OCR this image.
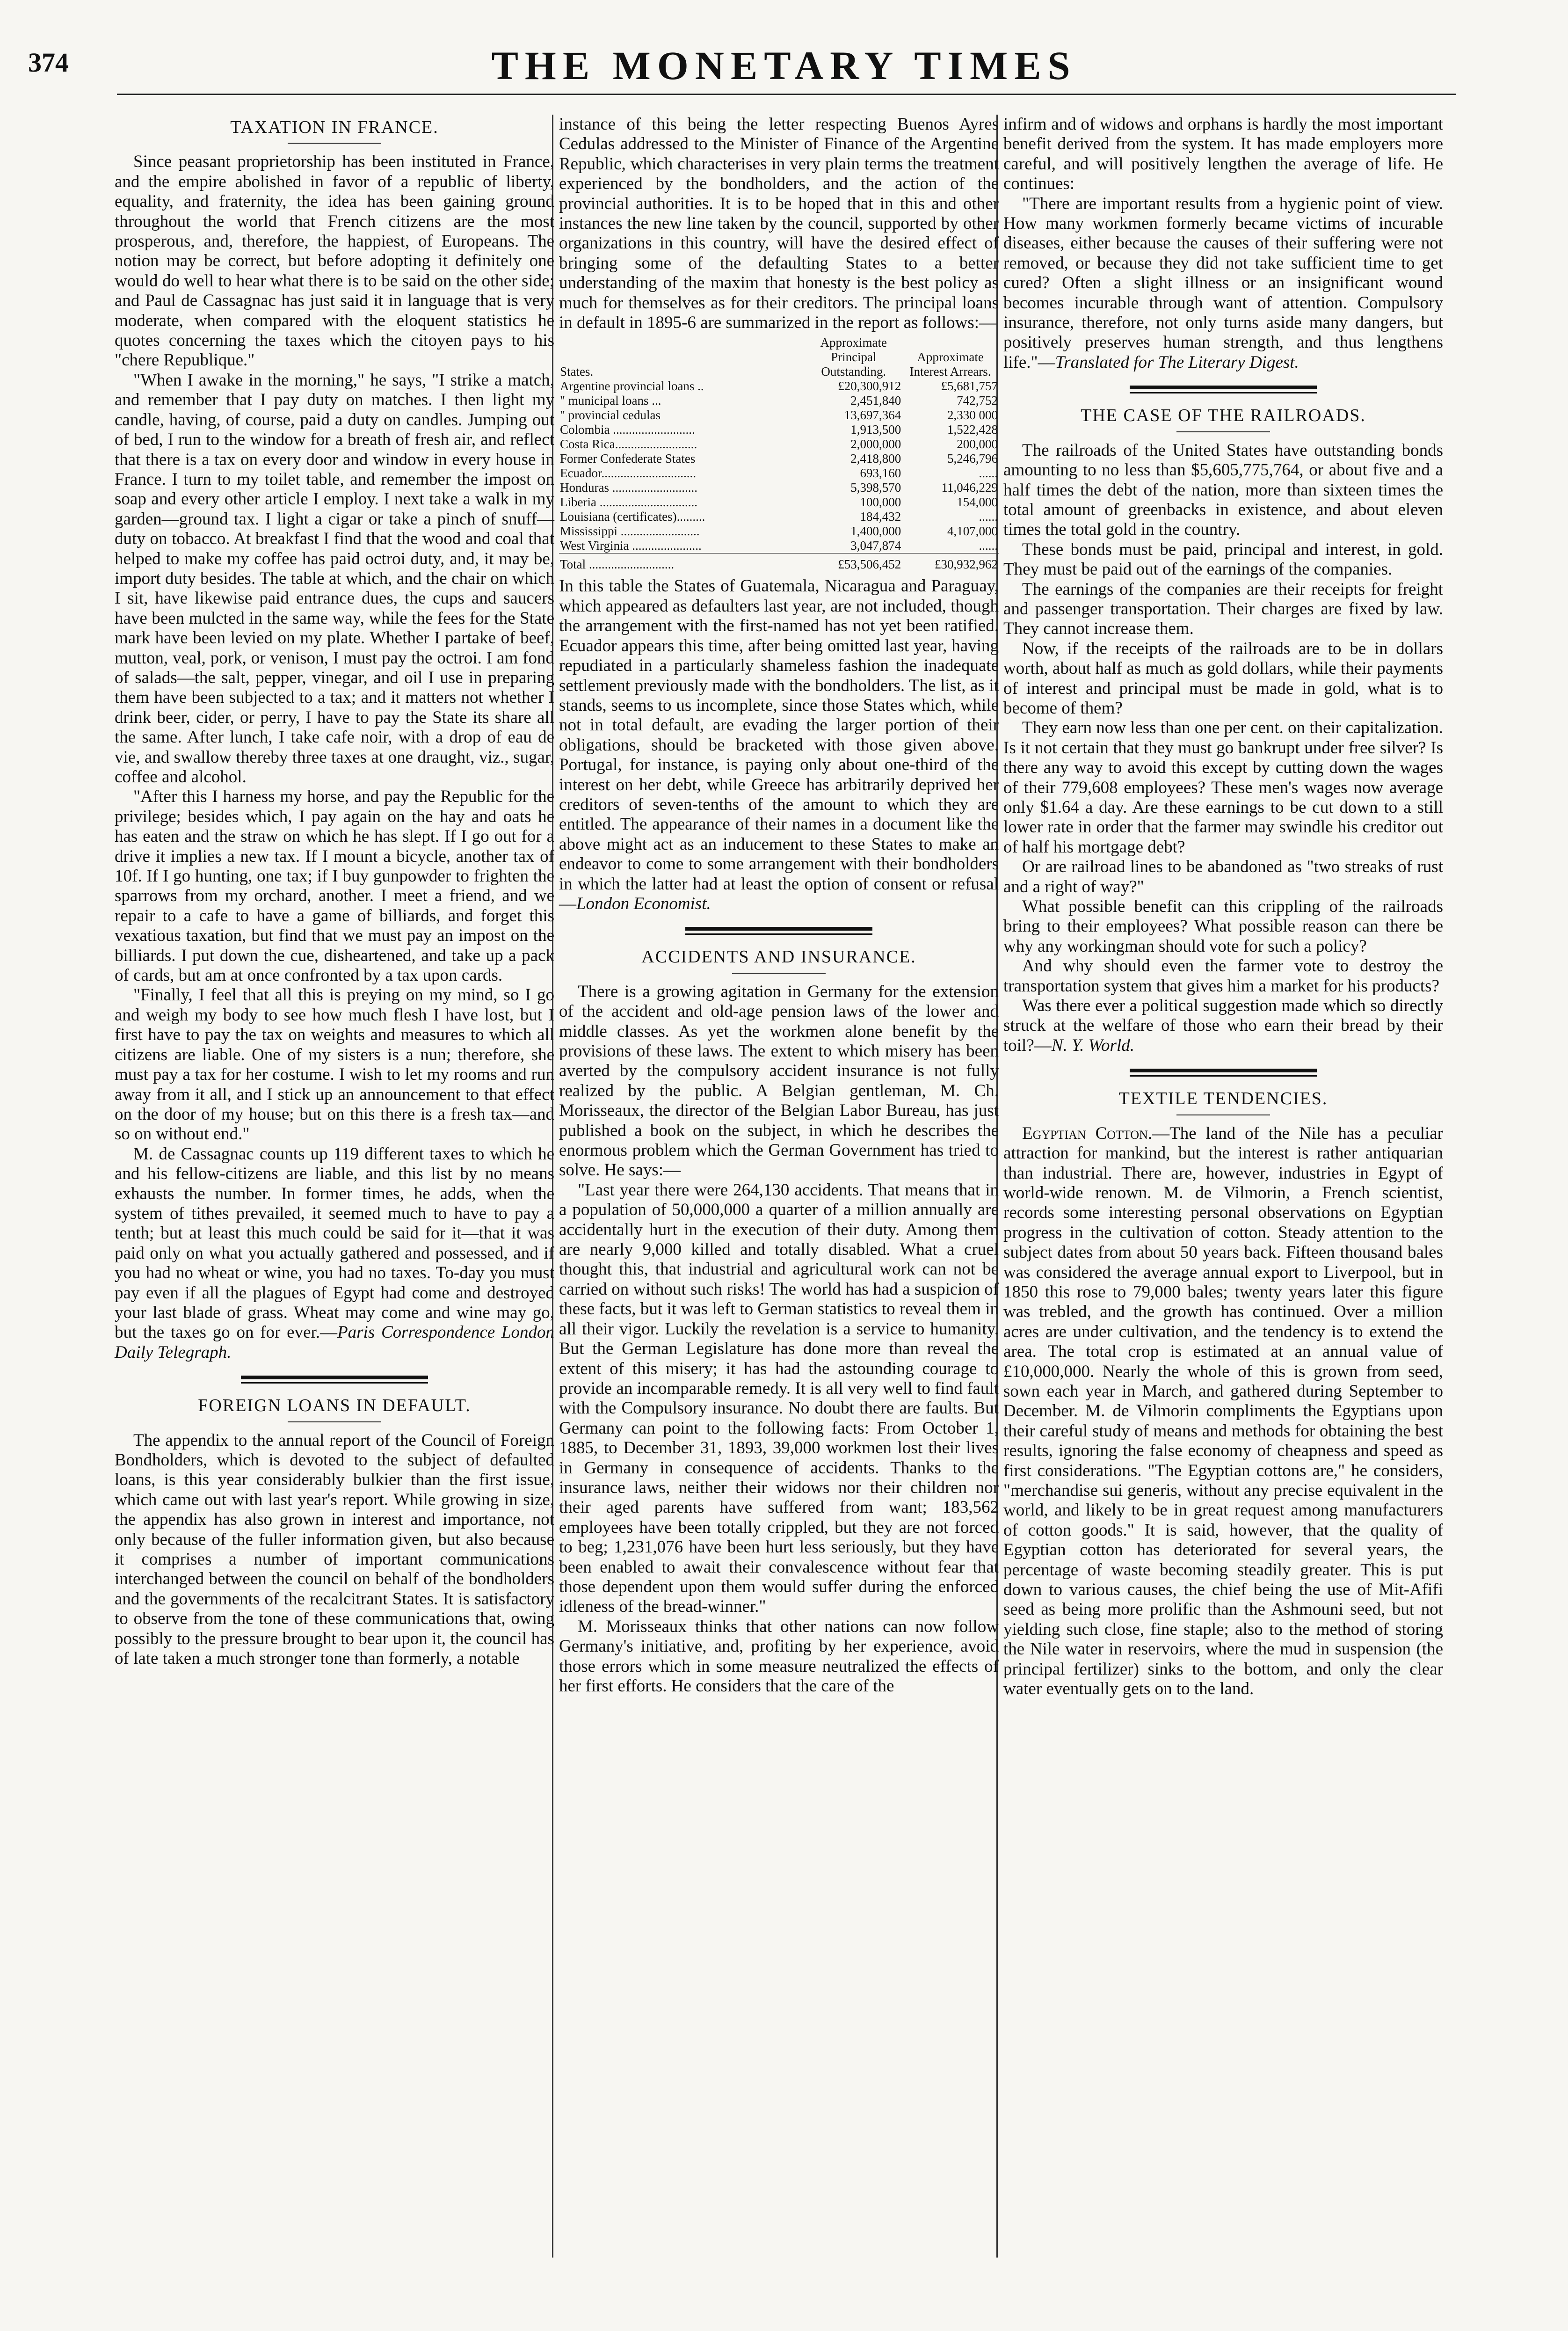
374	THE MONETARY TIMES
TAXATION IN FRANCE.

Since peasant proprietorship has been instituted in France, and the empire abolished in favor of a republic of liberty, equality, and fraternity, the idea has been gaining ground throughout the world that French citizens are the most prosperous, and, therefore, the happiest, of Europeans. The notion may be correct, but before adopting it definitely one would do well to hear what there is to be said on the other side; and Paul de Cassagnac has just said it in language that is very moderate, when compared with the eloquent statistics he quotes concerning the taxes which the citoyen pays to his "chere Republique."

"When I awake in the morning," he says, "I strike a match, and remember that I pay duty on matches. I then light my candle, having, of course, paid a duty on candles. Jumping out of bed, I run to the window for a breath of fresh air, and reflect that there is a tax on every door and window in every house in France. I turn to my toilet table, and remember the impost on soap and every other article I employ. I next take a walk in my garden—ground tax. I light a cigar or take a pinch of snuff—duty on tobacco. At breakfast I find that the wood and coal that helped to make my coffee has paid octroi duty, and, it may be, import duty besides. The table at which, and the chair on which I sit, have likewise paid entrance dues, the cups and saucers have been mulcted in the same way, while the fees for the State mark have been levied on my plate. Whether I partake of beef, mutton, veal, pork, or venison, I must pay the octroi. I am fond of salads—the salt, pepper, vinegar, and oil I use in preparing them have been subjected to a tax; and it matters not whether I drink beer, cider, or perry, I have to pay the State its share all the same. After lunch, I take cafe noir, with a drop of eau de vie, and swallow thereby three taxes at one draught, viz., sugar, coffee and alcohol.

"After this I harness my horse, and pay the Republic for the privilege; besides which, I pay again on the hay and oats he has eaten and the straw on which he has slept. If I go out for a drive it implies a new tax. If I mount a bicycle, another tax of 10f. If I go hunting, one tax; if I buy gunpowder to frighten the sparrows from my orchard, another. I meet a friend, and we repair to a cafe to have a game of billiards, and forget this vexatious taxation, but find that we must pay an impost on the billiards. I put down the cue, disheartened, and take up a pack of cards, but am at once confronted by a tax upon cards.

"Finally, I feel that all this is preying on my mind, so I go and weigh my body to see how much flesh I have lost, but I first have to pay the tax on weights and measures to which all citizens are liable. One of my sisters is a nun; therefore, she must pay a tax for her costume. I wish to let my rooms and run away from it all, and I stick up an announcement to that effect on the door of my house; but on this there is a fresh tax—and so on without end."

M. de Cassagnac counts up 119 different taxes to which he and his fellow-citizens are liable, and this list by no means exhausts the number. In former times, he adds, when the system of tithes prevailed, it seemed much to have to pay a tenth; but at least this much could be said for it—that it was paid only on what you actually gathered and possessed, and if you had no wheat or wine, you had no taxes. To-day you must pay even if all the plagues of Egypt had come and destroyed your last blade of grass. Wheat may come and wine may go, but the taxes go on for ever.—Paris Correspondence London Daily Telegraph.

FOREIGN LOANS IN DEFAULT.

The appendix to the annual report of the Council of Foreign Bondholders, which is devoted to the subject of defaulted loans, is this year considerably bulkier than the first issue, which came out with last year's report. While growing in size, the appendix has also grown in interest and importance, not only because of the fuller information given, but also because it comprises a number of important communications interchanged between the council on behalf of the bondholders and the governments of the recalcitrant States. It is satisfactory to observe from the tone of these communications that, owing possibly to the pressure brought to bear upon it, the council has of late taken a much stronger tone than formerly, a notable

instance of this being the letter respecting Buenos Ayres Cedulas addressed to the Minister of Finance of the Argentine Republic, which characterises in very plain terms the treatment experienced by the bondholders, and the action of the provincial authorities. It is to be hoped that in this and other instances the new line taken by the council, supported by other organizations in this country, will have the desired effect of bringing some of the defaulting States to a better understanding of the maxim that honesty is the best policy as much for themselves as for their creditors. The principal loans in default in 1895-6 are summarized in the report as follows:—

States.	Approximate Principal Outstanding.	Approximate Interest Arrears.
Argentine provincial loans ..	£20,300,912	£5,681,757
" municipal loans ...	2,451,840	742,752
" provincial cedulas	13,697,364	2,330 000
Colombia ..........................	1,913,500	1,522,428
Costa Rica..........................	2,000,000	200,000
Former Confederate States	2,418,800	5,246,796
Ecuador..............................	693,160	......
Honduras ...........................	5,398,570	11,046,229
Liberia ...............................	100,000	154,000
Louisiana (certificates).........	184,432	......
Mississippi .........................	1,400,000	4,107,000
West Virginia ......................	3,047,874	......
Total ...........................	£53,506,452	£30,932,962

In this table the States of Guatemala, Nicaragua and Paraguay, which appeared as defaulters last year, are not included, though the arrangement with the first-named has not yet been ratified. Ecuador appears this time, after being omitted last year, having repudiated in a particularly shameless fashion the inadequate settlement previously made with the bondholders. The list, as it stands, seems to us incomplete, since those States which, while not in total default, are evading the larger portion of their obligations, should be bracketed with those given above. Portugal, for instance, is paying only about one-third of the interest on her debt, while Greece has arbitrarily deprived her creditors of seven-tenths of the amount to which they are entitled. The appearance of their names in a document like the above might act as an inducement to these States to make an endeavor to come to some arrangement with their bondholders in which the latter had at least the option of consent or refusal —London Economist.

ACCIDENTS AND INSURANCE.

There is a growing agitation in Germany for the extension of the accident and old-age pension laws of the lower and middle classes. As yet the workmen alone benefit by the provisions of these laws. The extent to which misery has been averted by the compulsory accident insurance is not fully realized by the public. A Belgian gentleman, M. Ch. Morisseaux, the director of the Belgian Labor Bureau, has just published a book on the subject, in which he describes the enormous problem which the German Government has tried to solve. He says:—

"Last year there were 264,130 accidents. That means that in a population of 50,000,000 a quarter of a million annually are accidentally hurt in the execution of their duty. Among them are nearly 9,000 killed and totally disabled. What a cruel thought this, that industrial and agricultural work can not be carried on without such risks! The world has had a suspicion of these facts, but it was left to German statistics to reveal them in all their vigor. Luckily the revelation is a service to humanity. But the German Legislature has done more than reveal the extent of this misery; it has had the astounding courage to provide an incomparable remedy. It is all very well to find fault with the Compulsory insurance. No doubt there are faults. But Germany can point to the following facts: From October 1, 1885, to December 31, 1893, 39,000 workmen lost their lives in Germany in consequence of accidents. Thanks to the insurance laws, neither their widows nor their children nor their aged parents have suffered from want; 183,562 employees have been totally crippled, but they are not forced to beg; 1,231,076 have been hurt less seriously, but they have been enabled to await their convalescence without fear that those dependent upon them would suffer during the enforced idleness of the bread-winner."

M. Morisseaux thinks that other nations can now follow Germany's initiative, and, profiting by her experience, avoid those errors which in some measure neutralized the effects of her first efforts. He considers that the care of the

infirm and of widows and orphans is hardly the most important benefit derived from the system. It has made employers more careful, and will positively lengthen the average of life. He continues:

"There are important results from a hygienic point of view. How many workmen formerly became victims of incurable diseases, either because the causes of their suffering were not removed, or because they did not take sufficient time to get cured? Often a slight illness or an insignificant wound becomes incurable through want of attention. Compulsory insurance, therefore, not only turns aside many dangers, but positively preserves human strength, and thus lengthens life."—Translated for The Literary Digest.

THE CASE OF THE RAILROADS.

The railroads of the United States have outstanding bonds amounting to no less than $5,605,775,764, or about five and a half times the debt of the nation, more than sixteen times the total amount of greenbacks in existence, and about eleven times the total gold in the country.

These bonds must be paid, principal and interest, in gold. They must be paid out of the earnings of the companies.

The earnings of the companies are their receipts for freight and passenger transportation. Their charges are fixed by law. They cannot increase them.

Now, if the receipts of the railroads are to be in dollars worth, about half as much as gold dollars, while their payments of interest and principal must be made in gold, what is to become of them?

They earn now less than one per cent. on their capitalization. Is it not certain that they must go bankrupt under free silver? Is there any way to avoid this except by cutting down the wages of their 779,608 employees? These men's wages now average only $1.64 a day. Are these earnings to be cut down to a still lower rate in order that the farmer may swindle his creditor out of half his mortgage debt?

Or are railroad lines to be abandoned as "two streaks of rust and a right of way?"

What possible benefit can this crippling of the railroads bring to their employees? What possible reason can there be why any workingman should vote for such a policy?

And why should even the farmer vote to destroy the transportation system that gives him a market for his products?

Was there ever a political suggestion made which so directly struck at the welfare of those who earn their bread by their toil?—N. Y. World.

TEXTILE TENDENCIES.

Egyptian Cotton.—The land of the Nile has a peculiar attraction for mankind, but the interest is rather antiquarian than industrial. There are, however, industries in Egypt of world-wide renown. M. de Vilmorin, a French scientist, records some interesting personal observations on Egyptian progress in the cultivation of cotton. Steady attention to the subject dates from about 50 years back. Fifteen thousand bales was considered the average annual export to Liverpool, but in 1850 this rose to 79,000 bales; twenty years later this figure was trebled, and the growth has continued. Over a million acres are under cultivation, and the tendency is to extend the area. The total crop is estimated at an annual value of £10,000,000. Nearly the whole of this is grown from seed, sown each year in March, and gathered during September to December. M. de Vilmorin compliments the Egyptians upon their careful study of means and methods for obtaining the best results, ignoring the false economy of cheapness and speed as first considerations. "The Egyptian cottons are," he considers, "merchandise sui generis, without any precise equivalent in the world, and likely to be in great request among manufacturers of cotton goods." It is said, however, that the quality of Egyptian cotton has deteriorated for several years, the percentage of waste becoming steadily greater. This is put down to various causes, the chief being the use of Mit-Afifi seed as being more prolific than the Ashmouni seed, but not yielding such close, fine staple; also to the method of storing the Nile water in reservoirs, where the mud in suspension (the principal fertilizer) sinks to the bottom, and only the clear water eventually gets on to the land.
